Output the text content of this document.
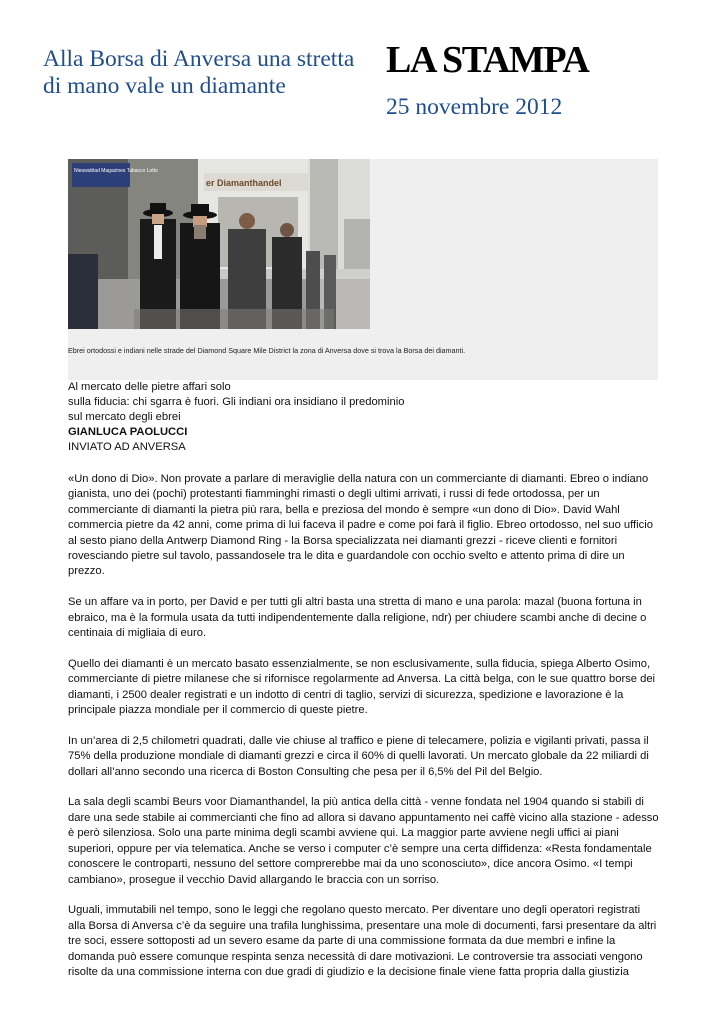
Alla Borsa di Anversa una stretta di mano vale un diamante
LA STAMPA
25 novembre 2012
er Diamanthandel
Nieuwsblad Magazines Tabacco Lotto
Ebrei ortodossi e indiani nelle strade del Diamond Square Mile District la zona di Anversa dove si trova la Borsa dei diamanti.
Al mercato delle pietre affari solo
sulla fiducia: chi sgarra è fuori. Gli indiani ora insidiano il predominio
sul mercato degli ebrei
GIANLUCA PAOLUCCI
INVIATO AD ANVERSA

«Un dono di Dio». Non provate a parlare di meraviglie della natura con un commerciante di diamanti. Ebreo o indiano gianista, uno dei (pochi) protestanti fiamminghi rimasti o degli ultimi arrivati, i russi di fede ortodossa, per un commerciante di diamanti la pietra più rara, bella e preziosa del mondo è sempre «un dono di Dio». David Wahl commercia pietre da 42 anni, come prima di lui faceva il padre e come poi farà il figlio. Ebreo ortodosso, nel suo ufficio al sesto piano della Antwerp Diamond Ring - la Borsa specializzata nei diamanti grezzi - riceve clienti e fornitori rovesciando pietre sul tavolo, passandosele tra le dita e guardandole con occhio svelto e attento prima di dire un prezzo.

Se un affare va in porto, per David e per tutti gli altri basta una stretta di mano e una parola: mazal (buona fortuna in ebraico, ma è la formula usata da tutti indipendentemente dalla religione, ndr) per chiudere scambi anche di decine o centinaia di migliaia di euro.

Quello dei diamanti è un mercato basato essenzialmente, se non esclusivamente, sulla fiducia, spiega Alberto Osimo, commerciante di pietre milanese che si rifornisce regolarmente ad Anversa. La città belga, con le sue quattro borse dei diamanti, i 2500 dealer registrati e un indotto di centri di taglio, servizi di sicurezza, spedizione e lavorazione è la principale piazza mondiale per il commercio di queste pietre.

In un’area di 2,5 chilometri quadrati, dalle vie chiuse al traffico e piene di telecamere, polizia e vigilanti privati, passa il 75% della produzione mondiale di diamanti grezzi e circa il 60% di quelli lavorati. Un mercato globale da 22 miliardi di dollari all’anno secondo una ricerca di Boston Consulting che pesa per il 6,5% del Pil del Belgio.

La sala degli scambi Beurs voor Diamanthandel, la più antica della città - venne fondata nel 1904 quando si stabilì di dare una sede stabile ai commercianti che fino ad allora si davano appuntamento nei caffè vicino alla stazione - adesso è però silenziosa. Solo una parte minima degli scambi avviene qui. La maggior parte avviene negli uffici ai piani superiori, oppure per via telematica. Anche se verso i computer c’è sempre una certa diffidenza: «Resta fondamentale conoscere le controparti, nessuno del settore comprerebbe mai da uno sconosciuto», dice ancora Osimo. «I tempi cambiano», prosegue il vecchio David allargando le braccia con un sorriso.

Uguali, immutabili nel tempo, sono le leggi che regolano questo mercato. Per diventare uno degli operatori registrati alla Borsa di Anversa c’è da seguire una trafila lunghissima, presentare una mole di documenti, farsi presentare da altri tre soci, essere sottoposti ad un severo esame da parte di una commissione formata da due membri e infine la domanda può essere comunque respinta senza necessità di dare motivazioni. Le controversie tra associati vengono risolte da una commissione interna con due gradi di giudizio e la decisione finale viene fatta propria dalla giustizia
